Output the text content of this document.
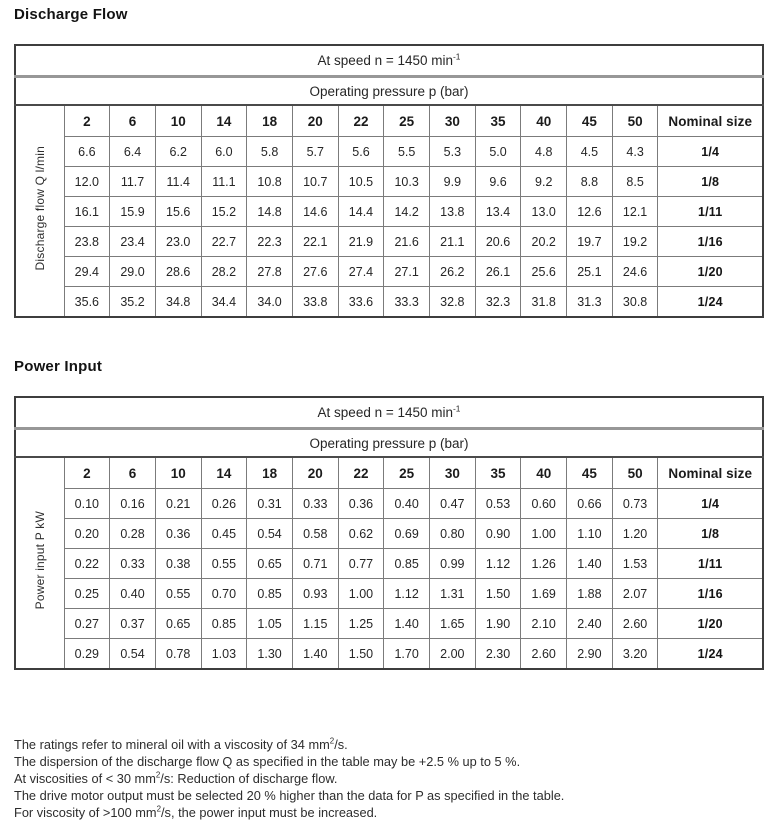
Discharge Flow
At speed n = 1450 $\min^{-1}$
Operating pressure p (bar)														
Discharge flow Q l/min	2	6	10	14	18	20	22	25	30	35	40	45	50	Nominal size
	6.6	6.4	6.2	6.0	5.8	5.7	5.6	5.5	5.3	5.0	4.8	4.5	4.3	1/4
	12.0	11.7	11.4	11.1	10.8	10.7	10.5	10.3	9.9	9.6	9.2	8.8	8.5	1/8
	16.1	15.9	15.6	15.2	14.8	14.6	14.4	14.2	13.8	13.4	13.0	12.6	12.1	1/11
	23.8	23.4	23.0	22.7	22.3	22.1	21.9	21.6	21.1	20.6	20.2	19.7	19.2	1/16
	29.4	29.0	28.6	28.2	27.8	27.6	27.4	27.1	26.2	26.1	25.6	25.1	24.6	1/20
	35.6	35.2	34.8	34.4	34.0	33.8	33.6	33.3	32.8	32.3	31.8	31.3	30.8	1/24
Power Input
At speed n = 1450 $\min^{-1}$
Operating pressure p (bar)														
Power input P kW	2	6	10	14	18	20	22	25	30	35	40	45	50	Nominal size
	0.10	0.16	0.21	0.26	0.31	0.33	0.36	0.40	0.47	0.53	0.60	0.66	0.73	1/4
	0.20	0.28	0.36	0.45	0.54	0.58	0.62	0.69	0.80	0.90	1.00	1.10	1.20	1/8
	0.22	0.33	0.38	0.55	0.65	0.71	0.77	0.85	0.99	1.12	1.26	1.40	1.53	1/11
	0.25	0.40	0.55	0.70	0.85	0.93	1.00	1.12	1.31	1.50	1.69	1.88	2.07	1/16
	0.27	0.37	0.65	0.85	1.05	1.15	1.25	1.40	1.65	1.90	2.10	2.40	2.60	1/20
	0.29	0.54	0.78	1.03	1.30	1.40	1.50	1.70	2.00	2.30	2.60	2.90	3.20	1/24
The ratings refer to mineral oil with a viscosity of 34 $mm^2/s$.
The dispersion of the discharge flow Q as specified in the table may be +2.5 % up to 5 %.
At viscosities of < 30 $mm^2/s$: Reduction of discharge flow.
The drive motor output must be selected 20 % higher than the data for P as specified in the table.
For viscosity of >100 $mm^2/s$, the power input must be increased.
